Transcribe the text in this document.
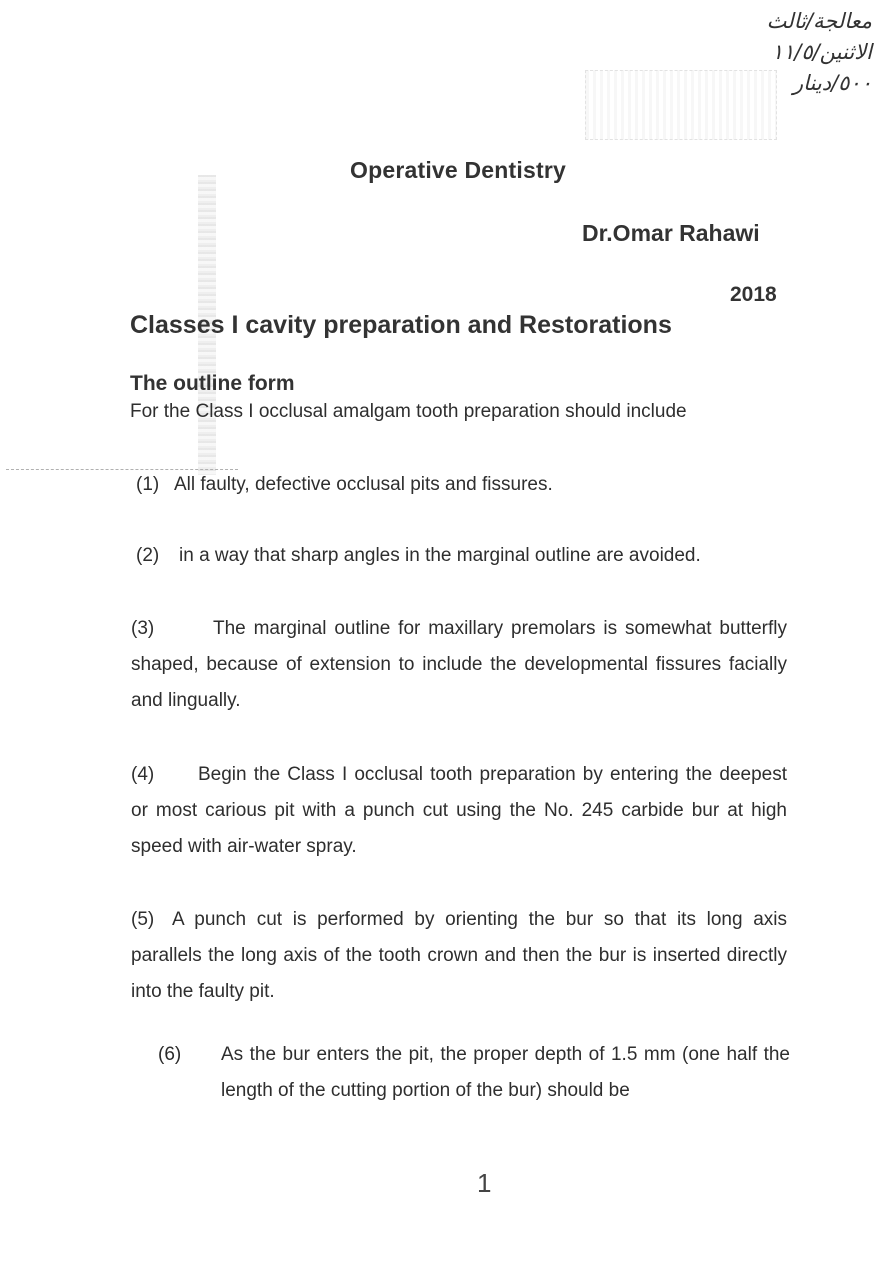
معالجة/ثالث
الاثنين/١١/٥
٥٠٠/دينار
Operative Dentistry
Dr.Omar Rahawi
2018
Classes I cavity preparation and Restorations
The outline form
For the Class I occlusal amalgam tooth preparation should include
(1) All faulty, defective occlusal pits and fissures.
(2) in a way that sharp angles in the marginal outline are avoided.
(3)	The marginal outline for maxillary premolars is somewhat butterfly shaped, because of extension to include the developmental fissures facially and lingually.
(4) Begin the Class I occlusal tooth preparation by entering the deepest or most carious pit with a punch cut using the No. 245 carbide bur at high speed with air-water spray.
(5) A punch cut is performed by orienting the bur so that its long axis parallels the long axis of the tooth crown and then the bur is inserted directly into the faulty pit.
(6) As the bur enters the pit, the proper depth of 1.5 mm (one half the length of the cutting portion of the bur) should be
1
